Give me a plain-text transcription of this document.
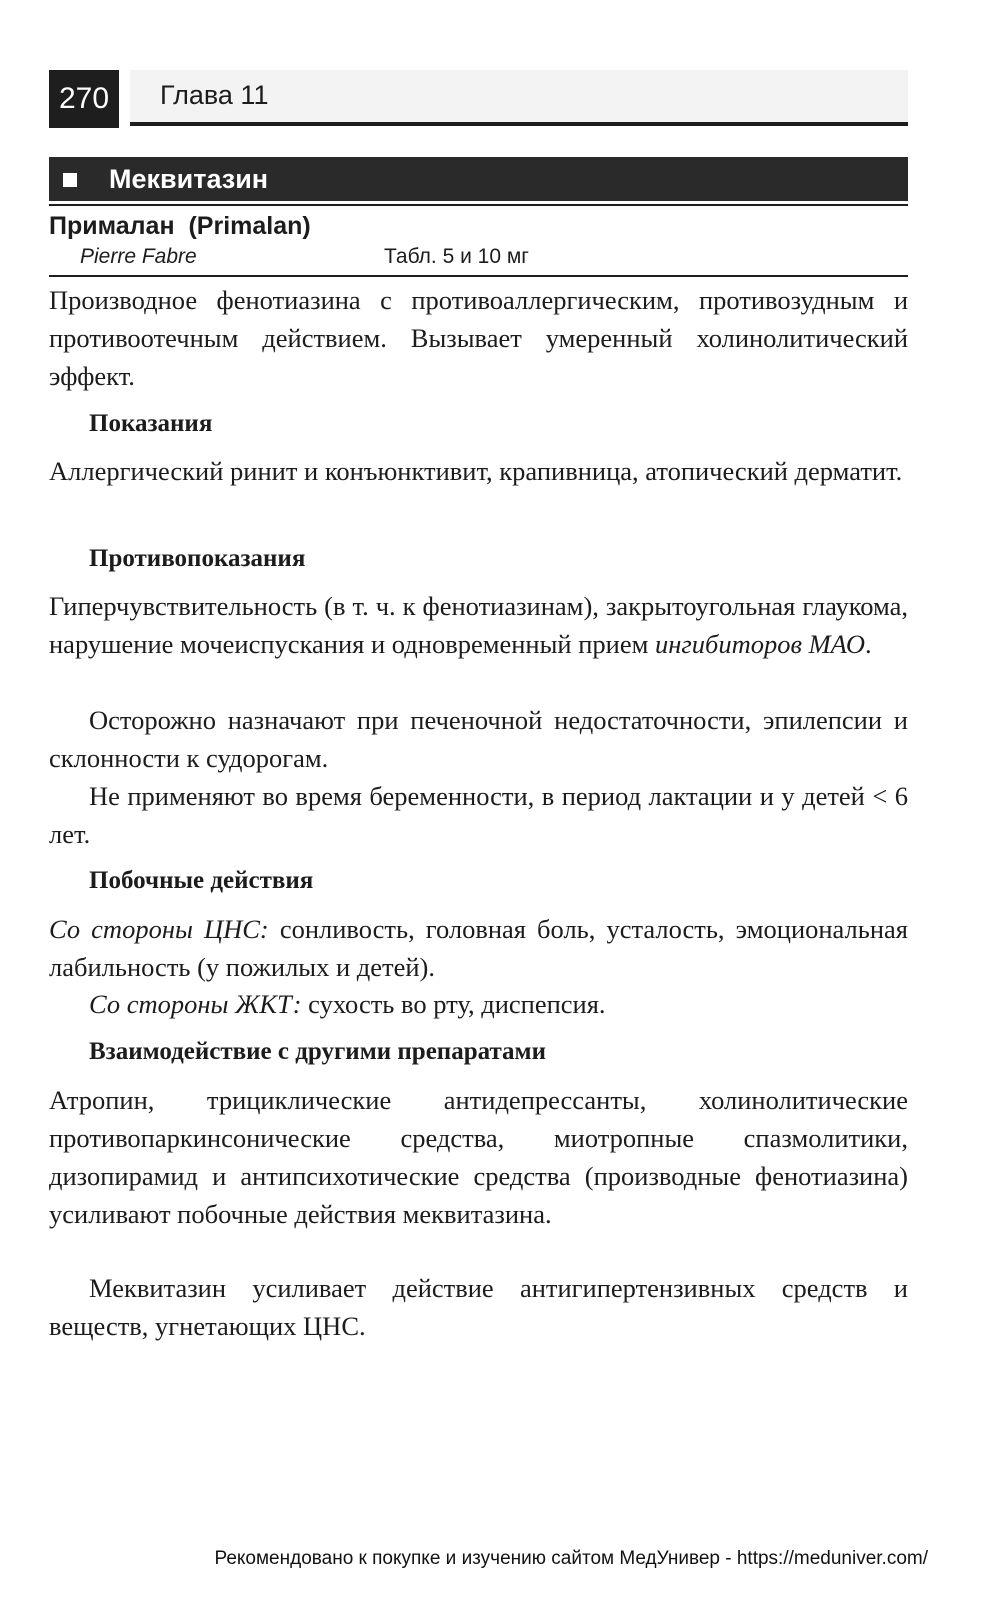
270	Глава 11
Меквитазин
Прималан (Primalan)
Pierre Fabre	Табл. 5 и 10 мг

Производное фенотиазина с противоаллергическим, противозудным и противоотечным действием. Вызывает умеренный холинолитический эффект.

Показания

Аллергический ринит и конъюнктивит, крапивница, атопический дерматит.

Противопоказания

Гиперчувствительность (в т. ч. к фенотиазинам), закрытоугольная глаукома, нарушение мочеиспускания и одновременный прием ингибиторов МАО.

Осторожно назначают при печеночной недостаточности, эпилепсии и склонности к судорогам.

Не применяют во время беременности, в период лактации и у детей < 6 лет.

Побочные действия

Со стороны ЦНС: сонливость, головная боль, усталость, эмоциональная лабильность (у пожилых и детей).

Со стороны ЖКТ: сухость во рту, диспепсия.

Взаимодействие с другими препаратами

Атропин, трициклические антидепрессанты, холинолитические противопаркинсонические средства, миотропные спазмолитики, дизопирамид и антипсихотические средства (производные фенотиазина) усиливают побочные действия меквитазина.

Меквитазин усиливает действие антигипертензивных средств и веществ, угнетающих ЦНС.

Рекомендовано к покупке и изучению сайтом МедУнивер - https://meduniver.com/
